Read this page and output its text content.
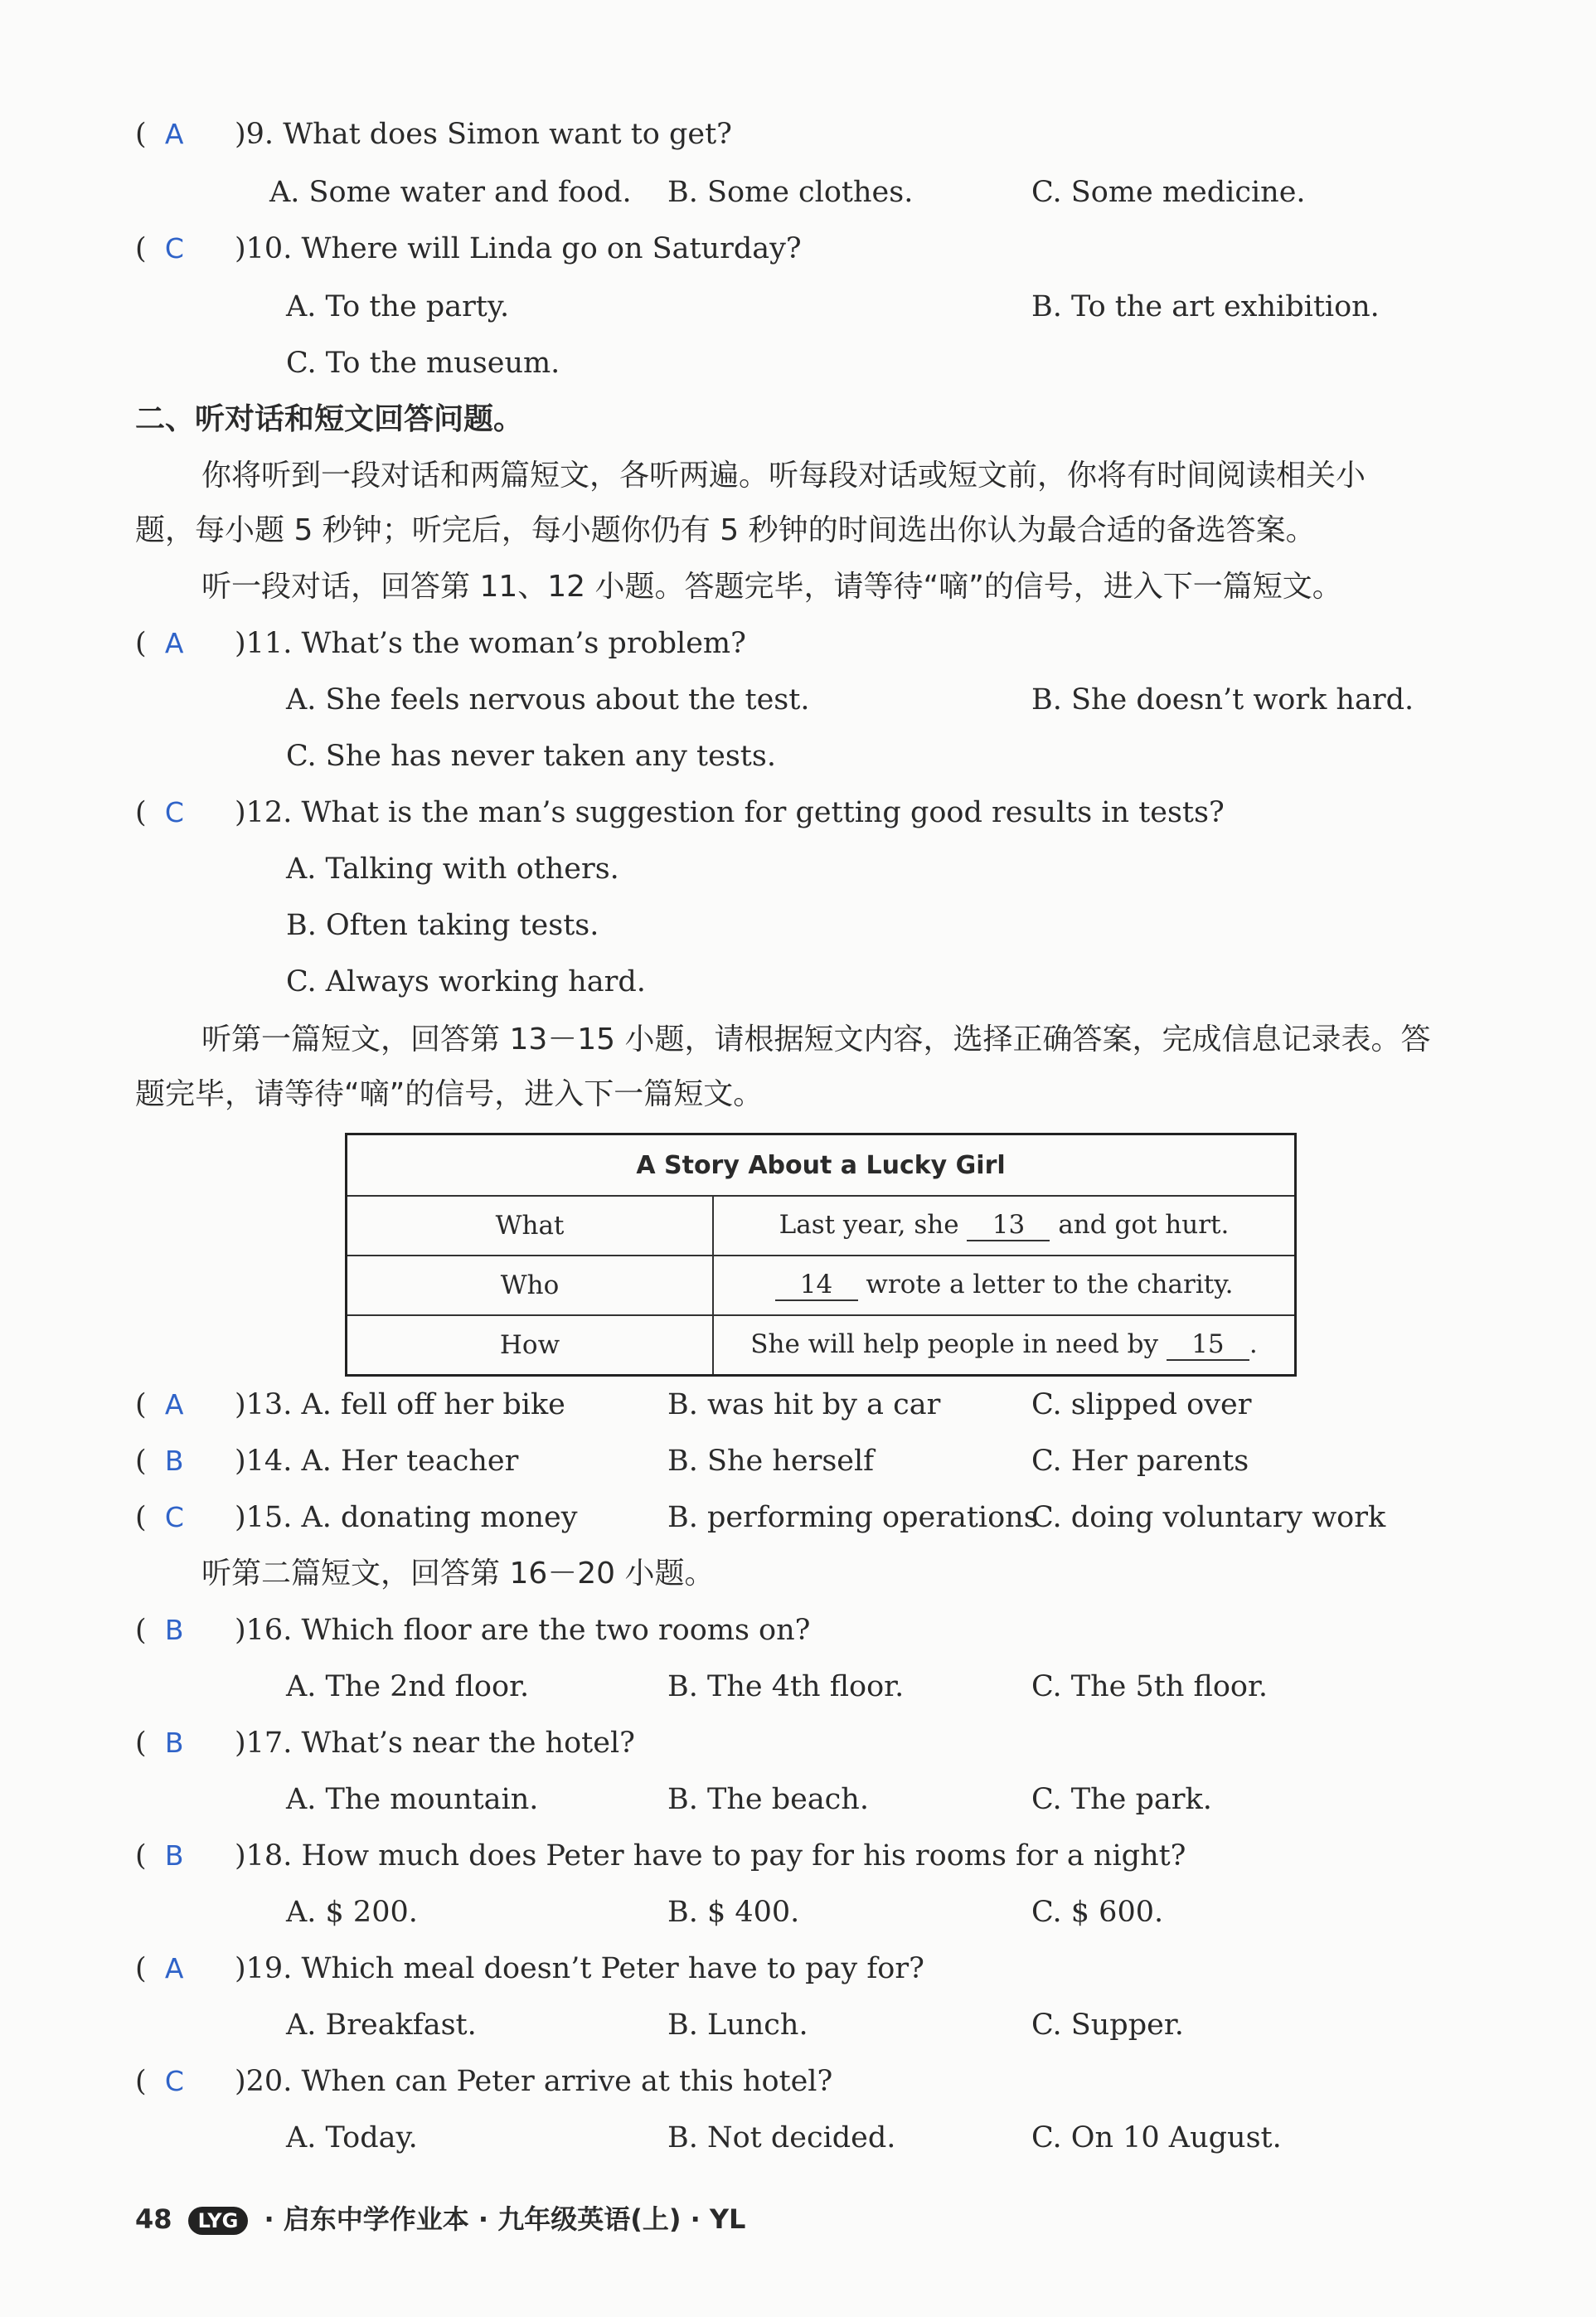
(  A )9. What does Simon want to get?
A. Some water and food. B. Some clothes.	C. Some medicine.
(  C )10. Where will Linda go on Saturday?
A. To the party.	B. To the art exhibition.
C. To the museum.
二、听对话和短文回答问题。
你将听到一段对话和两篇短文，各听两遍。听每段对话或短文前，你将有时间阅读相关小
题，每小题 5 秒钟；听完后，每小题你仍有 5 秒钟的时间选出你认为最合适的备选答案。
听一段对话，回答第 11、12 小题。答题完毕，请等待“嘀”的信号，进入下一篇短文。
(  A )11. What’s the woman’s problem?
A. She feels nervous about the test.	B. She doesn’t work hard.
C. She has never taken any tests.
(  C )12. What is the man’s suggestion for getting good results in tests?
A. Talking with others.
B. Often taking tests.
C. Always working hard.
听第一篇短文，回答第 13－15 小题，请根据短文内容，选择正确答案，完成信息记录表。答
题完毕，请等待“嘀”的信号，进入下一篇短文。
A Story About a Lucky Girl	
What	Last year, she 13 and got hurt.
Who	14 wrote a letter to the charity.
How	She will help people in need by 15 .
(  A )13. A. fell off her bike	B. was hit by a car	C. slipped over
(  B )14. A. Her teacher	B. She herself	C. Her parents
(  C )15. A. donating money	B. performing operations
C. doing voluntary work
听第二篇短文，回答第 16－20 小题。
(  B )16. Which floor are the two rooms on?
A. The 2nd floor.	B. The 4th floor.	C. The 5th floor.
(  B )17. What’s near the hotel?
A. The mountain.	B. The beach.	C. The park.
(  B )18. How much does Peter have to pay for his rooms for a night?
A. $ 200.	B. $ 400.	C. $ 600.
(  A )19. Which meal doesn’t Peter have to pay for?
A. Breakfast.	B. Lunch.	C. Supper.
(  C )20. When can Peter arrive at this hotel?
A. Today.	B. Not decided.	C. On 10 August.
48 LYG · 启东中学作业本 · 九年级英语(上) · YL
